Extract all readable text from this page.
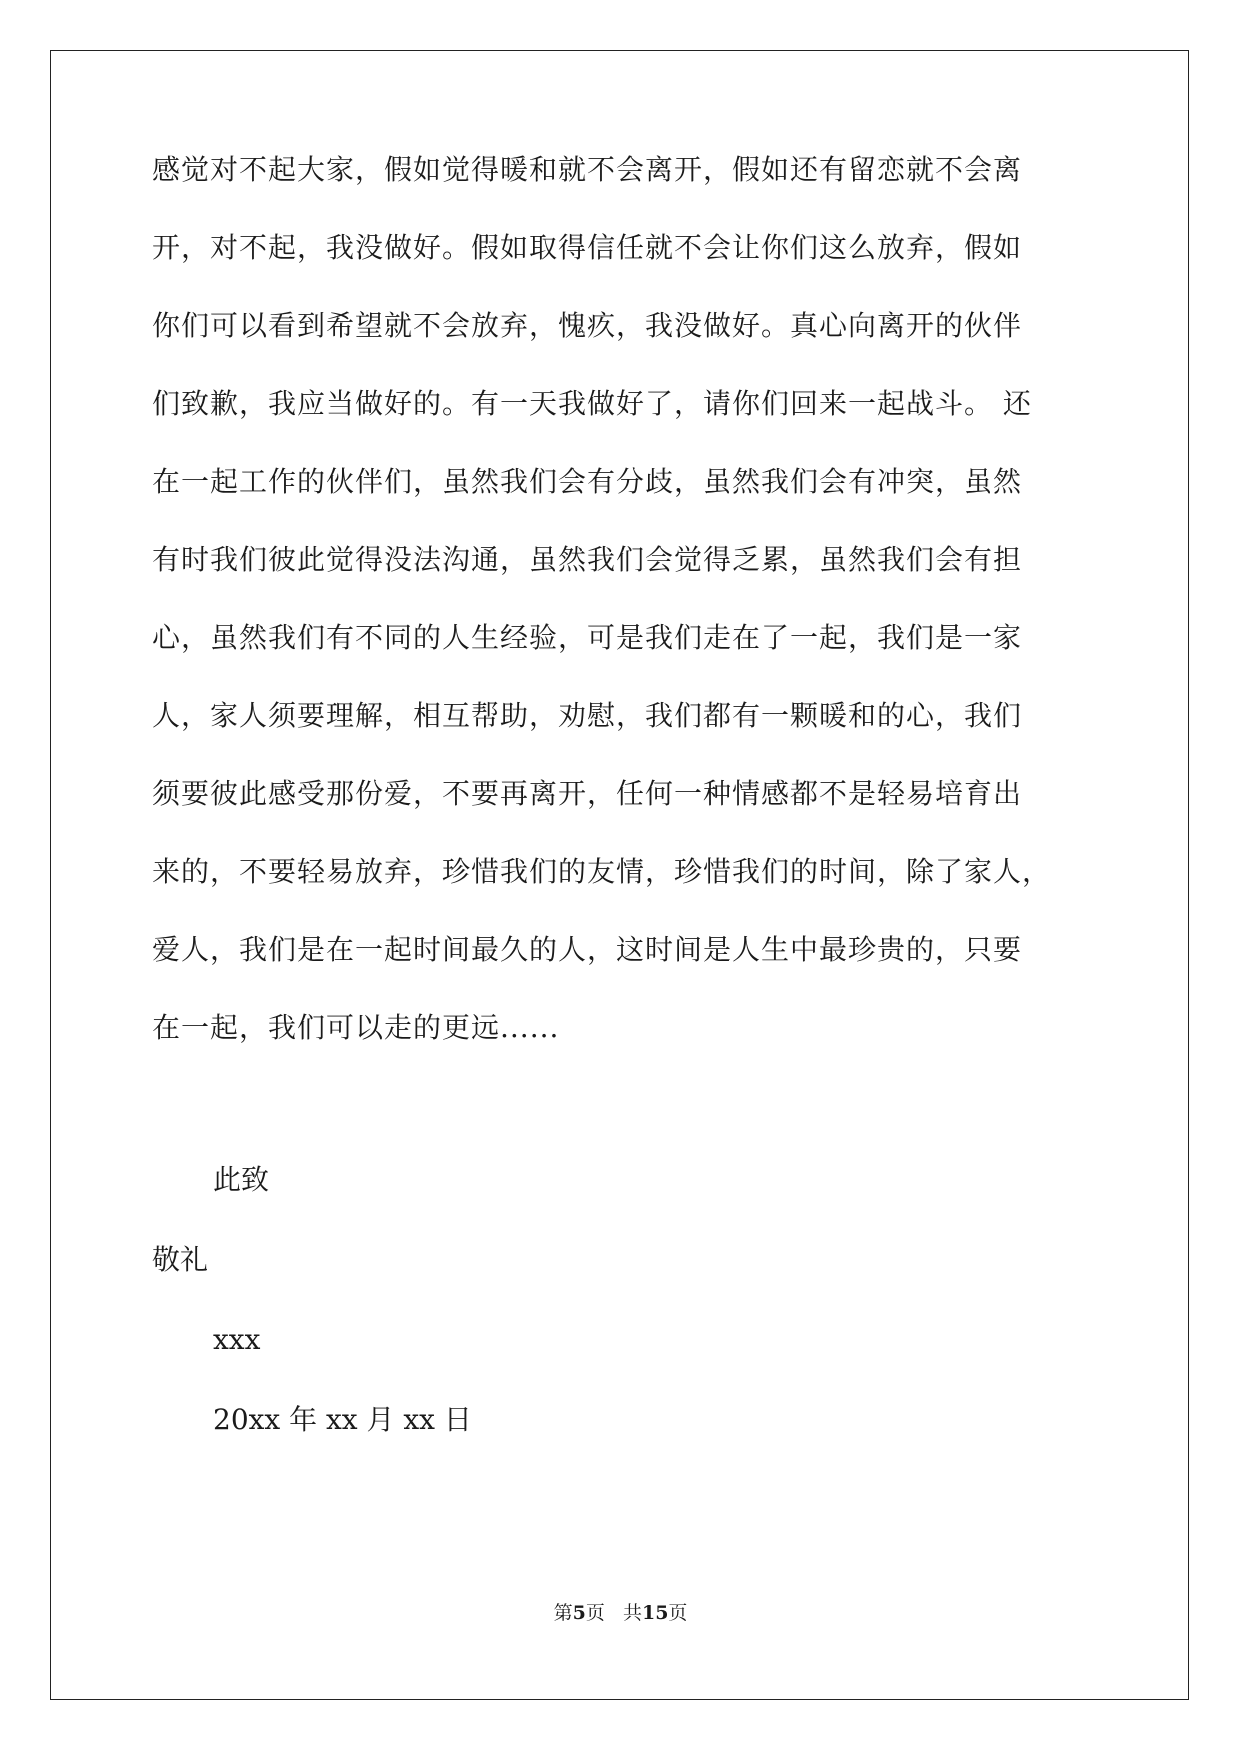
感觉对不起大家，假如觉得暖和就不会离开，假如还有留恋就不会离
开，对不起，我没做好。假如取得信任就不会让你们这么放弃，假如
你们可以看到希望就不会放弃，愧疚，我没做好。真心向离开的伙伴
们致歉，我应当做好的。有一天我做好了，请你们回来一起战斗。 还
在一起工作的伙伴们，虽然我们会有分歧，虽然我们会有冲突，虽然
有时我们彼此觉得没法沟通，虽然我们会觉得乏累，虽然我们会有担
心，虽然我们有不同的人生经验，可是我们走在了一起，我们是一家
人，家人须要理解，相互帮助，劝慰，我们都有一颗暖和的心，我们
须要彼此感受那份爱，不要再离开，任何一种情感都不是轻易培育出
来的，不要轻易放弃，珍惜我们的友情，珍惜我们的时间，除了家人，
爱人，我们是在一起时间最久的人，这时间是人生中最珍贵的，只要
在一起，我们可以走的更远......
此致
敬礼
xxx
20xx 年 xx 月 xx 日
第5页 共15页
